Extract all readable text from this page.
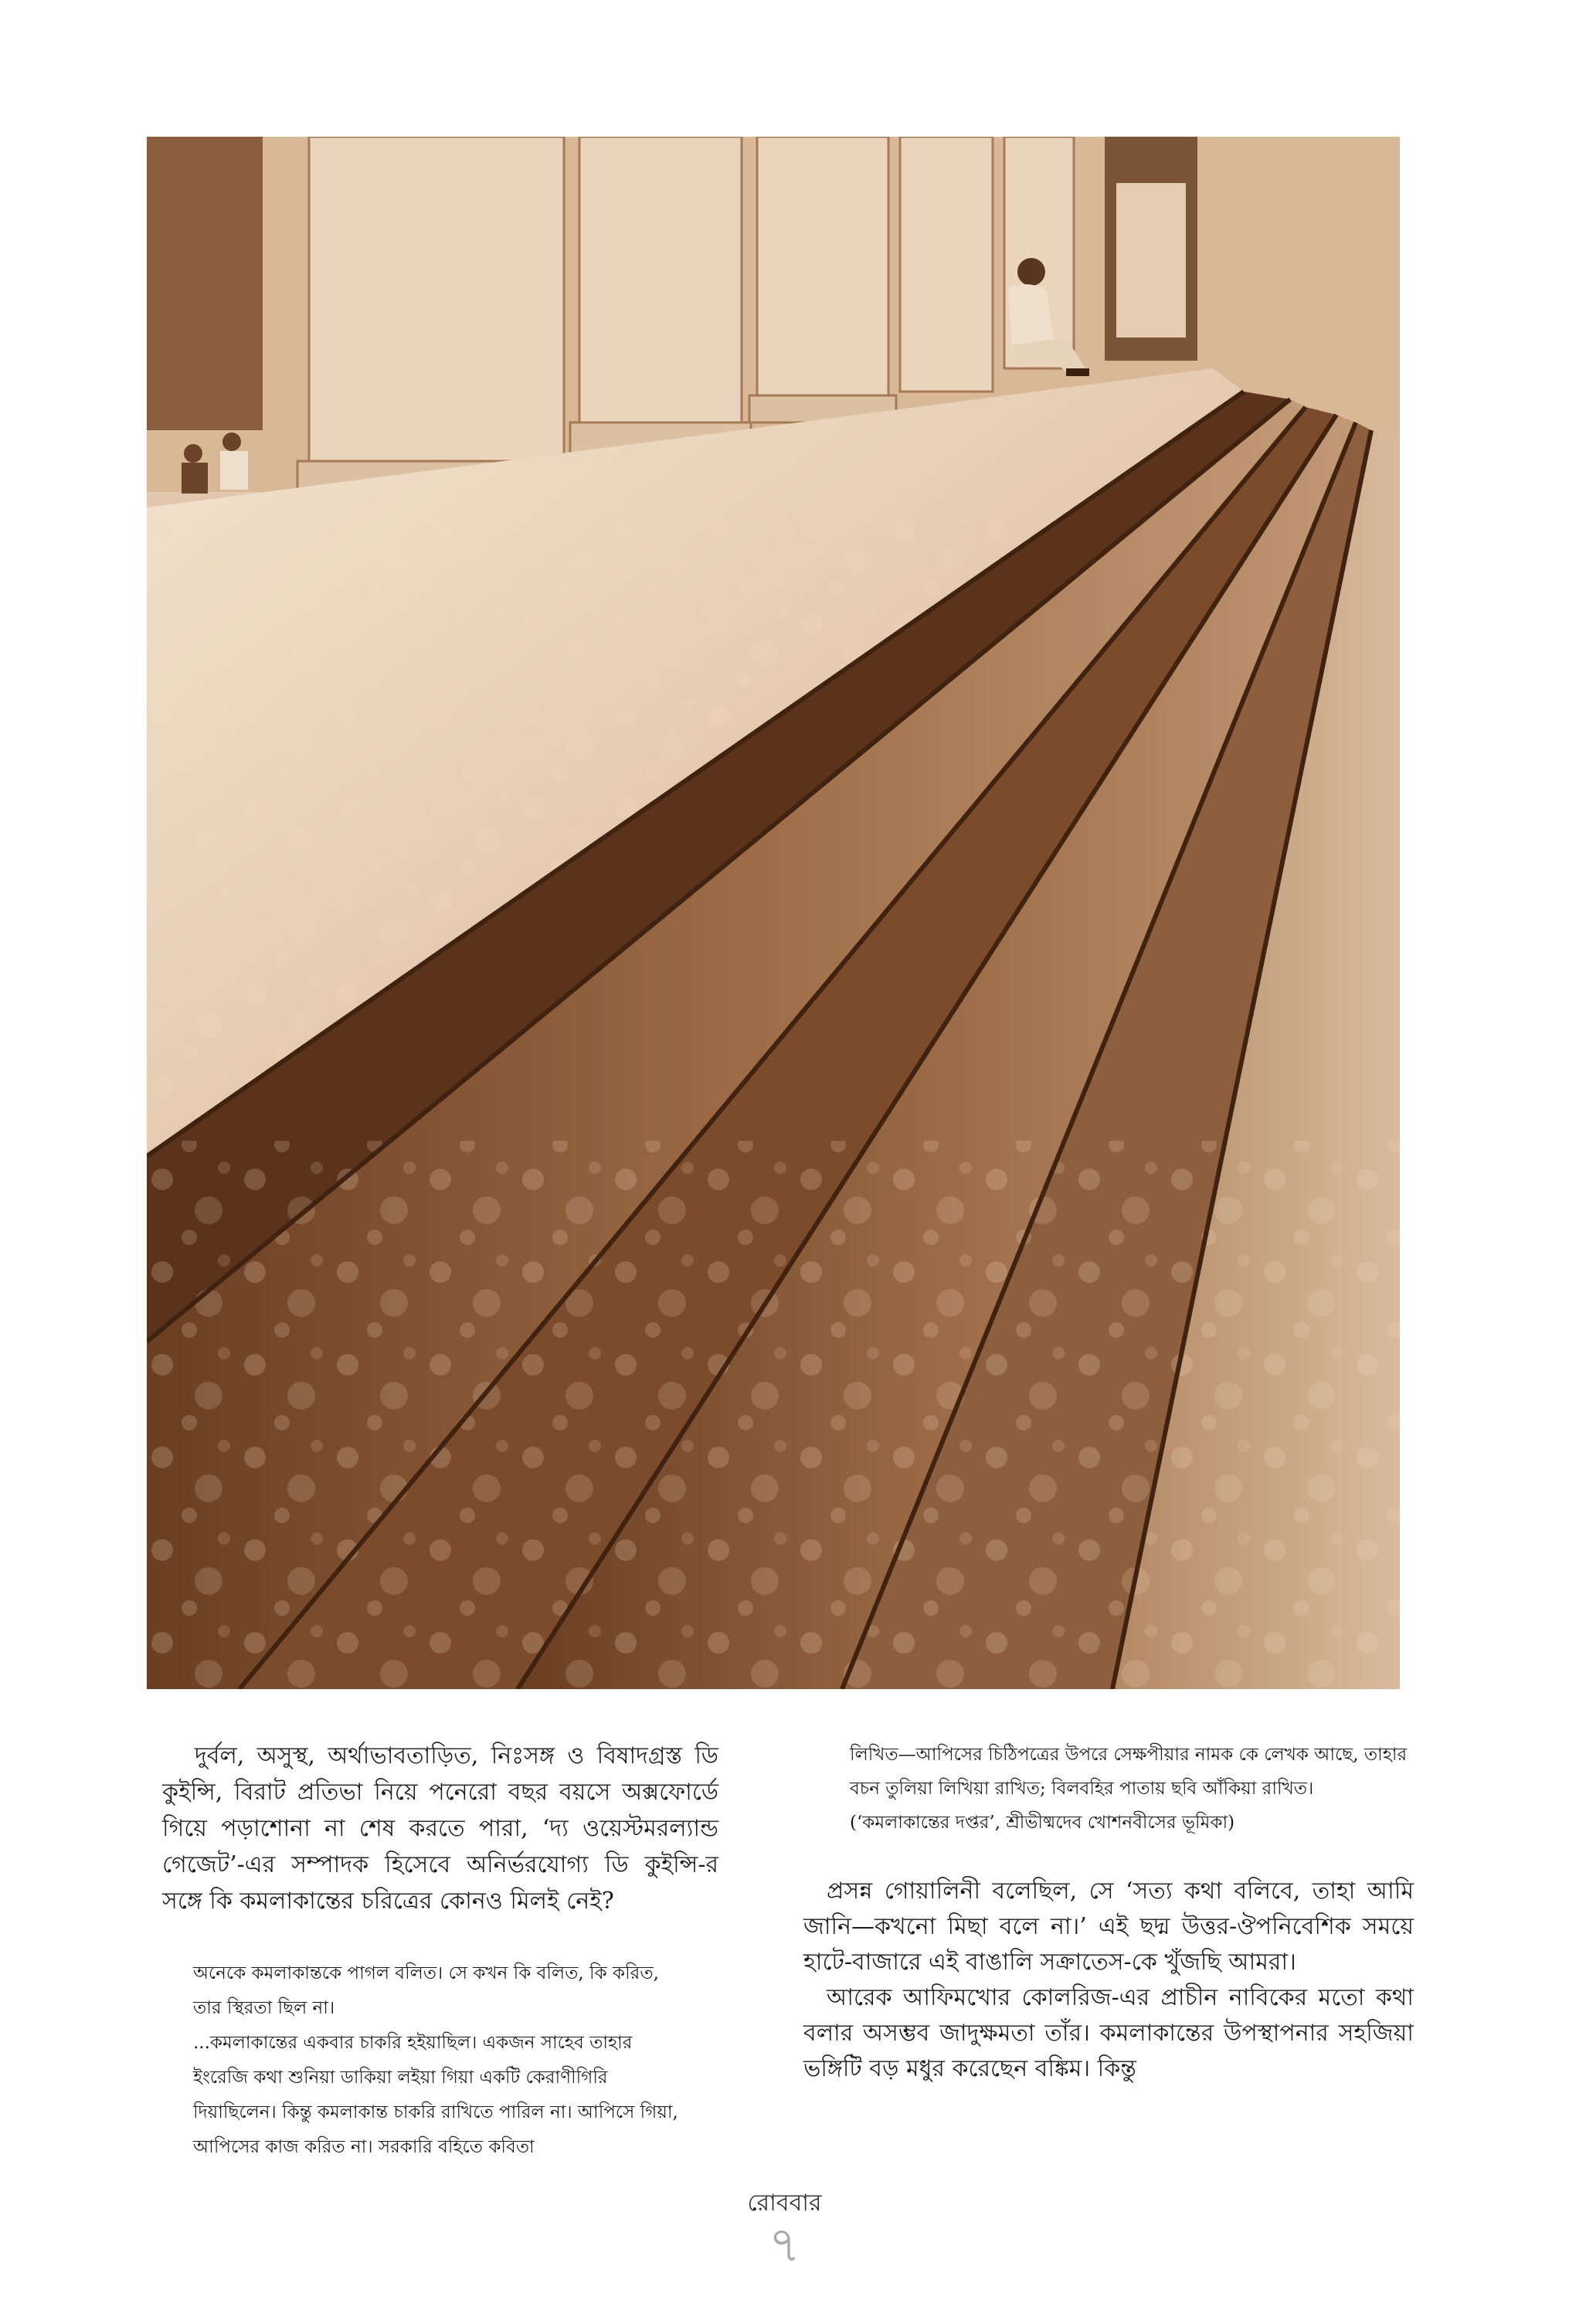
দুর্বল, অসুস্থ, অর্থাভাবতাড়িত, নিঃসঙ্গ ও বিষাদগ্রস্ত ডি কুইন্সি, বিরাট প্রতিভা নিয়ে পনেরো বছর বয়সে অক্সফোর্ডে গিয়ে পড়াশোনা না শেষ করতে পারা, ‘দ্য ওয়েস্টমরল্যান্ড গেজেট’-এর সম্পাদক হিসেবে অনির্ভরযোগ্য ডি কুইন্সি-র সঙ্গে কি কমলাকান্তের চরিত্রের কোনও মিলই নেই?

অনেকে কমলাকান্তকে পাগল বলিত। সে কখন কি বলিত, কি করিত, তার স্থিরতা ছিল না।

...কমলাকান্তের একবার চাকরি হইয়াছিল। একজন সাহেব তাহার ইংরেজি কথা শুনিয়া ডাকিয়া লইয়া গিয়া একটি কেরাণীগিরি দিয়াছিলেন। কিন্তু কমলাকান্ত চাকরি রাখিতে পারিল না। আপিসে গিয়া, আপিসের কাজ করিত না। সরকারি বহিতে কবিতা

লিখিত—আপিসের চিঠিপত্রের উপরে সেক্ষপীয়ার নামক কে লেখক আছে, তাহার বচন তুলিয়া লিখিয়া রাখিত; বিলবহির পাতায় ছবি আঁকিয়া রাখিত। (‘কমলাকান্তের দপ্তর’, শ্রীভীষ্মদেব খোশনবীসের ভূমিকা)

প্রসন্ন গোয়ালিনী বলেছিল, সে ‘সত্য কথা বলিবে, তাহা আমি জানি—কখনো মিছা বলে না।’ এই ছদ্ম উত্তর-ঔপনিবেশিক সময়ে হাটে-বাজারে এই বাঙালি সক্রাতেস-কে খুঁজছি আমরা।

আরেক আফিমখোর কোলরিজ-এর প্রাচীন নাবিকের মতো কথা বলার অসম্ভব জাদুক্ষমতা তাঁর। কমলাকান্তের উপস্থাপনার সহজিয়া ভঙ্গিটি বড় মধুর করেছেন বঙ্কিম। কিন্তু

রোববার
৭
